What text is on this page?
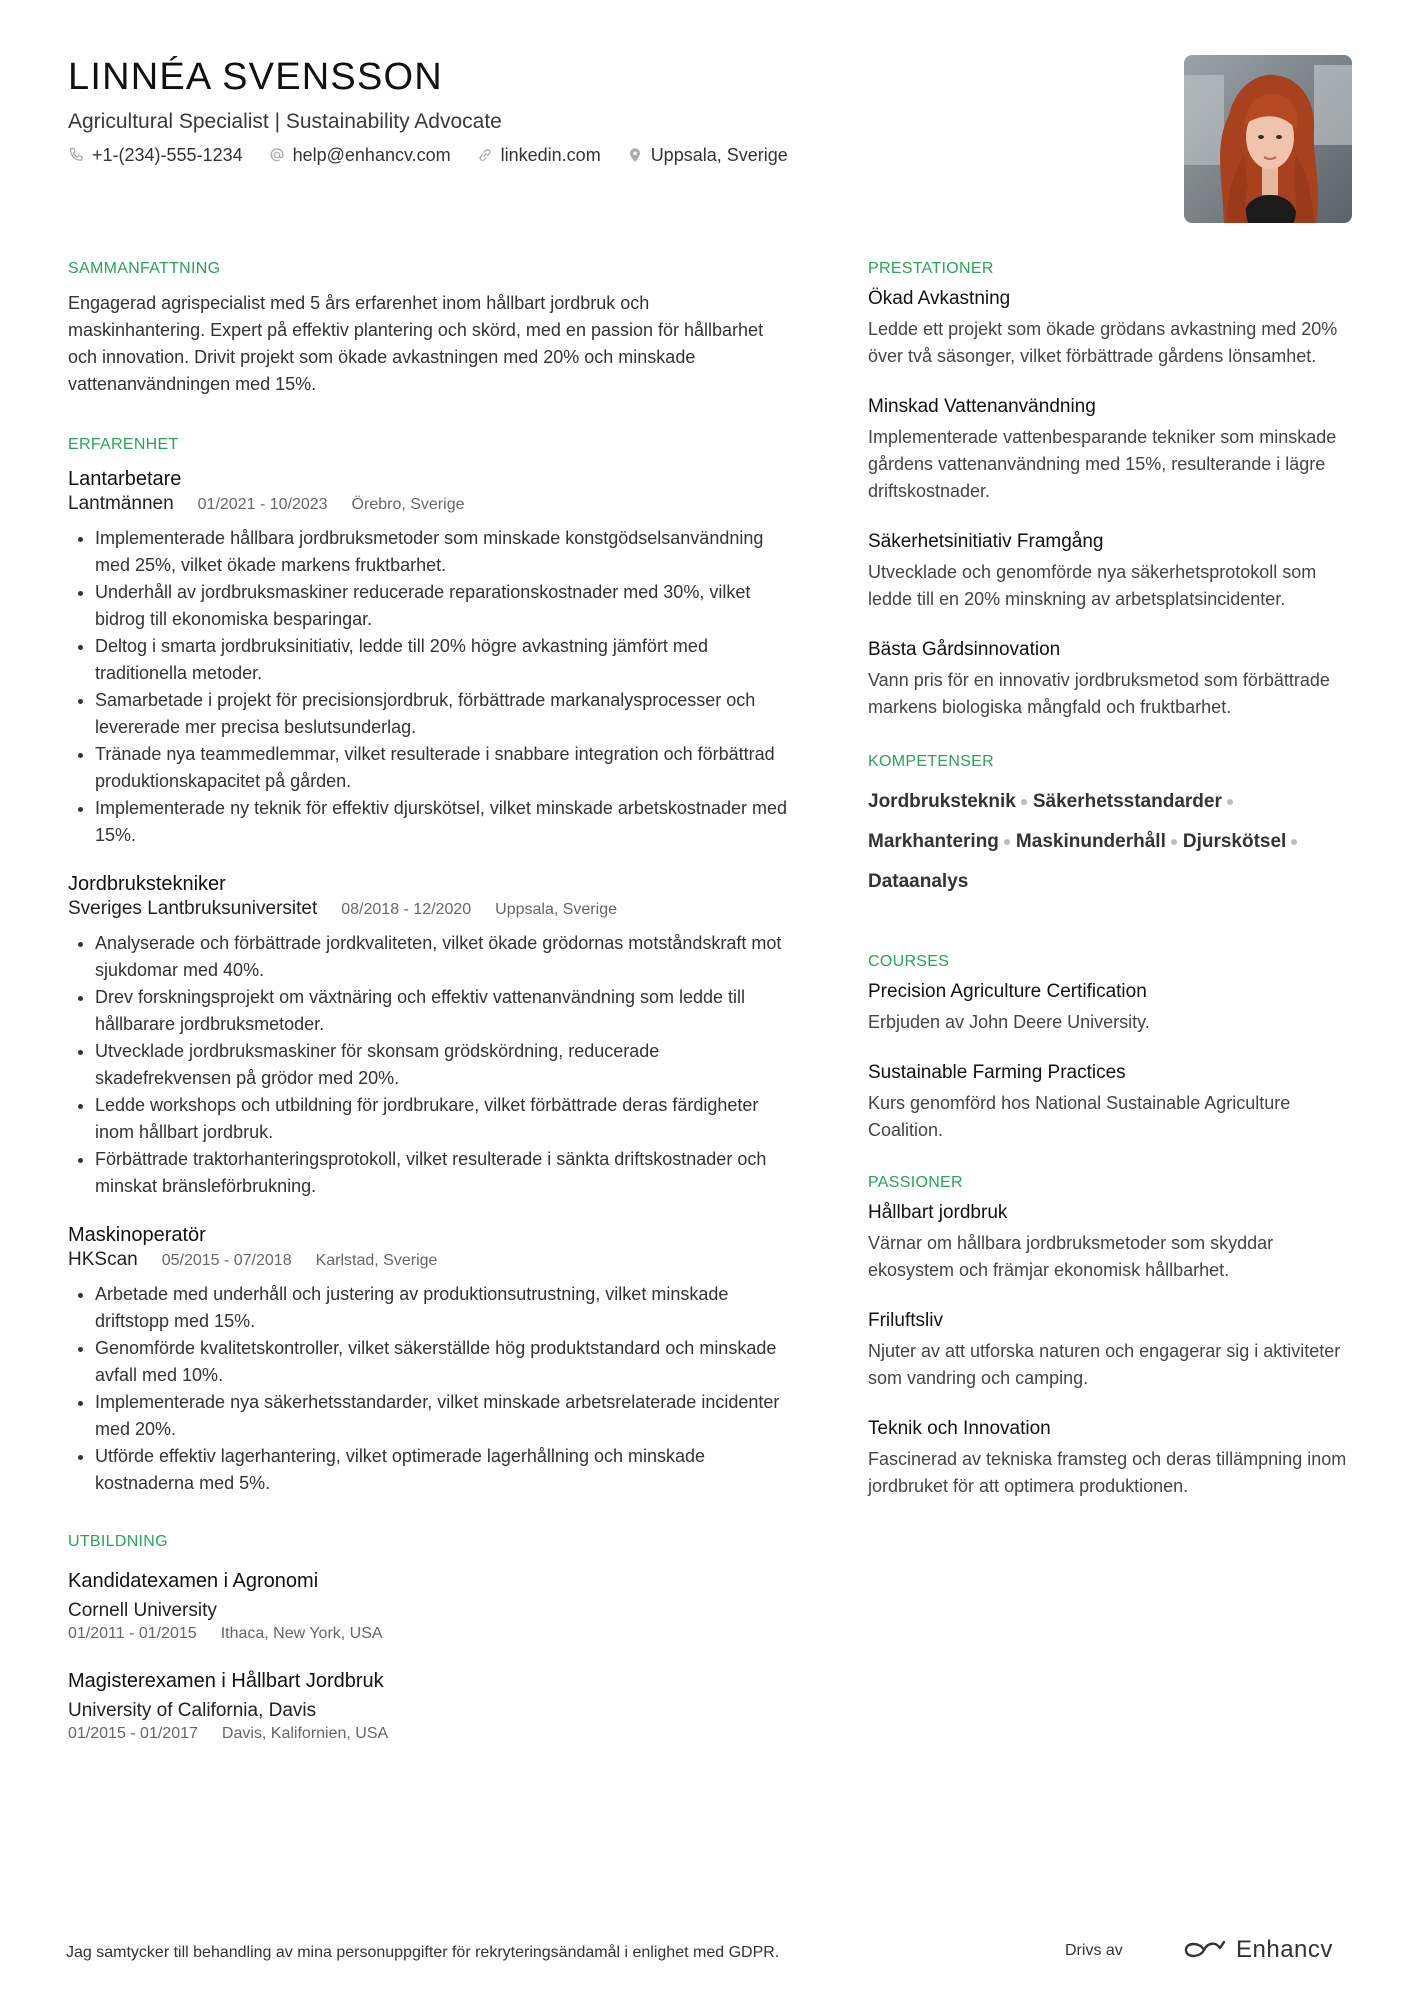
LINNÉA SVENSSON
Agricultural Specialist | Sustainability Advocate
+1-(234)-555-1234	help@enhancv.com	linkedin.com	Uppsala, Sverige
SAMMANFATTNING
Engagerad agrispecialist med 5 års erfarenhet inom hållbart jordbruk och maskinhantering. Expert på effektiv plantering och skörd, med en passion för hållbarhet och innovation. Drivit projekt som ökade avkastningen med 20% och minskade vattenanvändningen med 15%.
ERFARENHET
Lantarbetare
Lantmännen 01/2021 - 10/2023 Örebro, Sverige
• Implementerade hållbara jordbruksmetoder som minskade konstgödselsanvändning med 25%, vilket ökade markens fruktbarhet.
• Underhåll av jordbruksmaskiner reducerade reparationskostnader med 30%, vilket bidrog till ekonomiska besparingar.
• Deltog i smarta jordbruksinitiativ, ledde till 20% högre avkastning jämfört med traditionella metoder.
• Samarbetade i projekt för precisionsjordbruk, förbättrade markanalysprocesser och levererade mer precisa beslutsunderlag.
• Tränade nya teammedlemmar, vilket resulterade i snabbare integration och förbättrad produktionskapacitet på gården.
• Implementerade ny teknik för effektiv djurskötsel, vilket minskade arbetskostnader med 15%.
Jordbrukstekniker
Sveriges Lantbruksuniversitet 08/2018 - 12/2020 Uppsala, Sverige
• Analyserade och förbättrade jordkvaliteten, vilket ökade grödornas motståndskraft mot sjukdomar med 40%.
• Drev forskningsprojekt om växtnäring och effektiv vattenanvändning som ledde till hållbarare jordbruksmetoder.
• Utvecklade jordbruksmaskiner för skonsam grödskördning, reducerade skadefrekvensen på grödor med 20%.
• Ledde workshops och utbildning för jordbrukare, vilket förbättrade deras färdigheter inom hållbart jordbruk.
• Förbättrade traktorhanteringsprotokoll, vilket resulterade i sänkta driftskostnader och minskat bränsleförbrukning.
Maskinoperatör
HKScan 05/2015 - 07/2018 Karlstad, Sverige
• Arbetade med underhåll och justering av produktionsutrustning, vilket minskade driftstopp med 15%.
• Genomförde kvalitetskontroller, vilket säkerställde hög produktstandard och minskade avfall med 10%.
• Implementerade nya säkerhetsstandarder, vilket minskade arbetsrelaterade incidenter med 20%.
• Utförde effektiv lagerhantering, vilket optimerade lagerhållning och minskade kostnaderna med 5%.
UTBILDNING
Kandidatexamen i Agronomi
Cornell University
01/2011 - 01/2015 Ithaca, New York, USA
Magisterexamen i Hållbart Jordbruk
University of California, Davis
01/2015 - 01/2017 Davis, Kalifornien, USA
PRESTATIONER
Ökad Avkastning
Ledde ett projekt som ökade grödans avkastning med 20% över två säsonger, vilket förbättrade gårdens lönsamhet.
Minskad Vattenanvändning
Implementerade vattenbesparande tekniker som minskade gårdens vattenanvändning med 15%, resulterande i lägre driftskostnader.
Säkerhetsinitiativ Framgång
Utvecklade och genomförde nya säkerhetsprotokoll som ledde till en 20% minskning av arbetsplatsincidenter.
Bästa Gårdsinnovation
Vann pris för en innovativ jordbruksmetod som förbättrade markens biologiska mångfald och fruktbarhet.
KOMPETENSER
Jordbruksteknik Säkerhetsstandarder
Markhantering Maskinunderhåll Djurskötsel
Dataanalys
COURSES
Precision Agriculture Certification
Erbjuden av John Deere University.
Sustainable Farming Practices
Kurs genomförd hos National Sustainable Agriculture Coalition.
PASSIONER
Hållbart jordbruk
Värnar om hållbara jordbruksmetoder som skyddar ekosystem och främjar ekonomisk hållbarhet.
Friluftsliv
Njuter av att utforska naturen och engagerar sig i aktiviteter som vandring och camping.
Teknik och Innovation
Fascinerad av tekniska framsteg och deras tillämpning inom jordbruket för att optimera produktionen.
Jag samtycker till behandling av mina personuppgifter för rekryteringsändamål i enlighet med GDPR.	Drivs av	Enhancv
